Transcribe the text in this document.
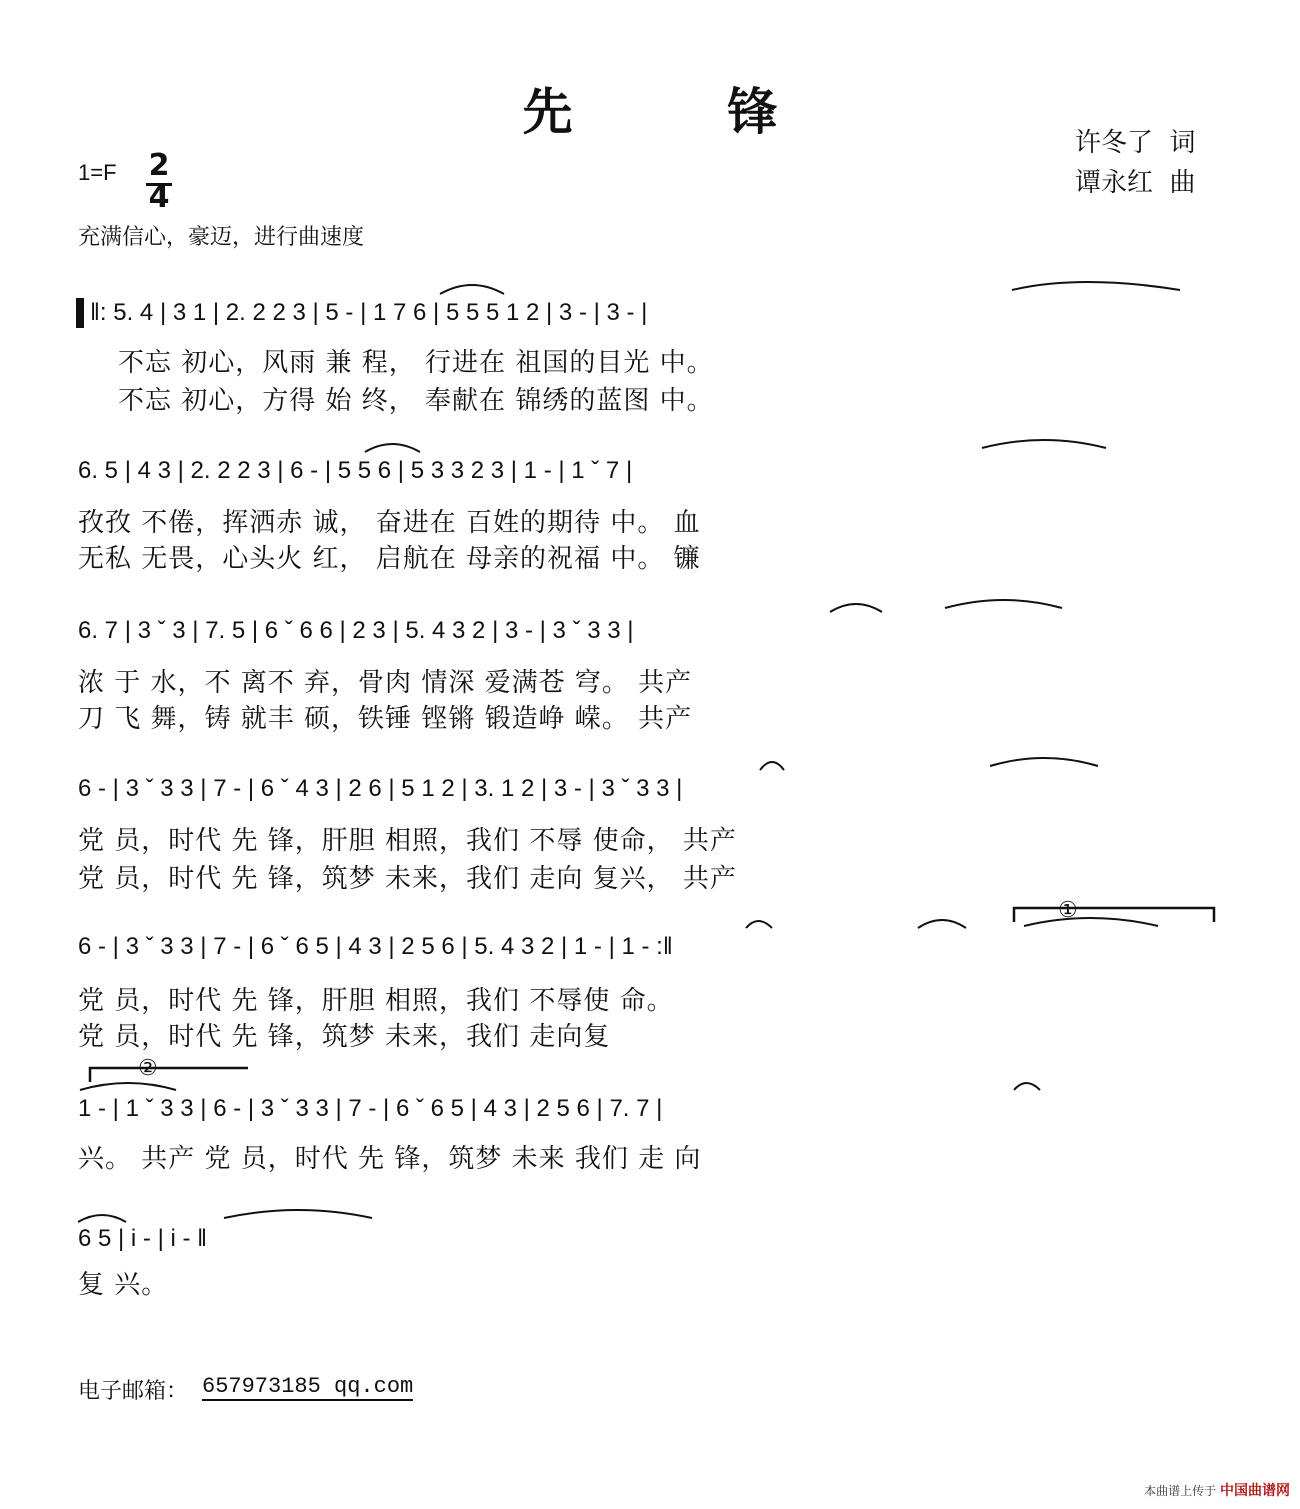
先  锋
许冬了  词
谭永红  曲
1=F 2
4
充满信心，豪迈，进行曲速度
‖: 5. 4 | 3 1 | 2. 2 2 3 | 5 - | 1 7 6 | 5 5 5 1 2 | 3 - | 3 - |
不忘 初心，风雨 兼 程， 行进在 祖国的目光 中。
不忘 初心，方得 始 终， 奉献在 锦绣的蓝图 中。
6. 5 | 4 3 | 2. 2 2 3 | 6 - | 5 5 6 | 5 3 3 2 3 | 1 - | 1 ˇ 7 |
孜孜 不倦，挥洒赤 诚， 奋进在 百姓的期待 中。 血
无私 无畏，心头火 红， 启航在 母亲的祝福 中。 镰
6. 7 | 3 ˇ 3 | 7. 5 | 6 ˇ 6 6 | 2 3 | 5. 4 3 2 | 3 - | 3 ˇ 3 3 |
浓 于 水，不 离不 弃，骨肉 情深 爱满苍 穹。 共产
刀 飞 舞，铸 就丰 硕，铁锤 铿锵 锻造峥 嵘。 共产
6 - | 3 ˇ 3 3 | 7 - | 6 ˇ 4 3 | 2 6 | 5 1 2 | 3. 1 2 | 3 - | 3 ˇ 3 3 |
党 员，时代 先 锋，肝胆 相照，我们 不辱 使命， 共产
党 员，时代 先 锋，筑梦 未来，我们 走向 复兴， 共产
6 - | 3 ˇ 3 3 | 7 - | 6 ˇ 6 5 | 4 3 | 2 5 6 | 5. 4 3 2 | 1 - | 1 - :‖
①
党 员，时代 先 锋，肝胆 相照，我们 不辱使 命。
党 员，时代 先 锋，筑梦 未来，我们 走向复
1 - | 1 ˇ 3 3 | 6 - | 3 ˇ 3 3 | 7 - | 6 ˇ 6 5 | 4 3 | 2 5 6 | 7. 7 |
②
兴。 共产 党 员，时代 先 锋，筑梦 未来 我们 走 向
6 5 | i - | i - ‖
复 兴。
电子邮箱： 657973185 qq.com
本曲谱上传于 中国曲谱网
